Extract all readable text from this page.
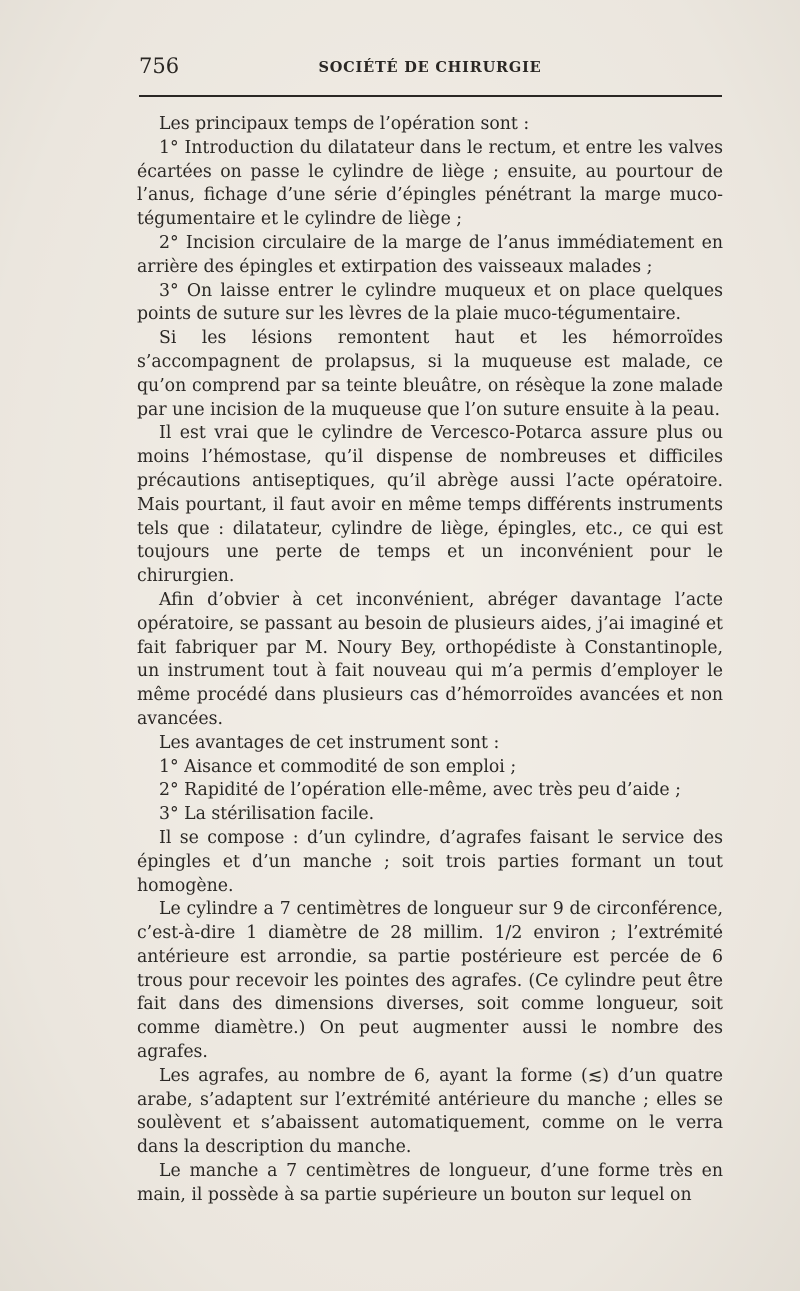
756	SOCIÉTÉ DE CHIRURGIE

Les principaux temps de l’opération sont :

1° Introduction du dilatateur dans le rectum, et entre les valves écartées on passe le cylindre de liège ; ensuite, au pourtour de l’anus, fichage d’une série d’épingles pénétrant la marge muco-tégumentaire et le cylindre de liège ;

2° Incision circulaire de la marge de l’anus immédiatement en arrière des épingles et extirpation des vaisseaux malades ;

3° On laisse entrer le cylindre muqueux et on place quelques points de suture sur les lèvres de la plaie muco-tégumentaire.

Si les lésions remontent haut et les hémorroïdes s’accompagnent de prolapsus, si la muqueuse est malade, ce qu’on comprend par sa teinte bleuâtre, on résèque la zone malade par une incision de la muqueuse que l’on suture ensuite à la peau.

Il est vrai que le cylindre de Vercesco-Potarca assure plus ou moins l’hémostase, qu’il dispense de nombreuses et difficiles précautions antiseptiques, qu’il abrège aussi l’acte opératoire. Mais pourtant, il faut avoir en même temps différents instruments tels que : dilatateur, cylindre de liège, épingles, etc., ce qui est toujours une perte de temps et un inconvénient pour le chirurgien.

Afin d’obvier à cet inconvénient, abréger davantage l’acte opératoire, se passant au besoin de plusieurs aides, j’ai imaginé et fait fabriquer par M. Noury Bey, orthopédiste à Constantinople, un instrument tout à fait nouveau qui m’a permis d’employer le même procédé dans plusieurs cas d’hémorroïdes avancées et non avancées.

Les avantages de cet instrument sont :

1° Aisance et commodité de son emploi ;

2° Rapidité de l’opération elle-même, avec très peu d’aide ;

3° La stérilisation facile.

Il se compose : d’un cylindre, d’agrafes faisant le service des épingles et d’un manche ; soit trois parties formant un tout homogène.

Le cylindre a 7 centimètres de longueur sur 9 de circonférence, c’est-à-dire 1 diamètre de 28 millim. 1/2 environ ; l’extrémité antérieure est arrondie, sa partie postérieure est percée de 6 trous pour recevoir les pointes des agrafes. (Ce cylindre peut être fait dans des dimensions diverses, soit comme longueur, soit comme diamètre.) On peut augmenter aussi le nombre des agrafes.

Les agrafes, au nombre de 6, ayant la forme (≲) d’un quatre arabe, s’adaptent sur l’extrémité antérieure du manche ; elles se soulèvent et s’abaissent automatiquement, comme on le verra dans la description du manche.

Le manche a 7 centimètres de longueur, d’une forme très en main, il possède à sa partie supérieure un bouton sur lequel on
